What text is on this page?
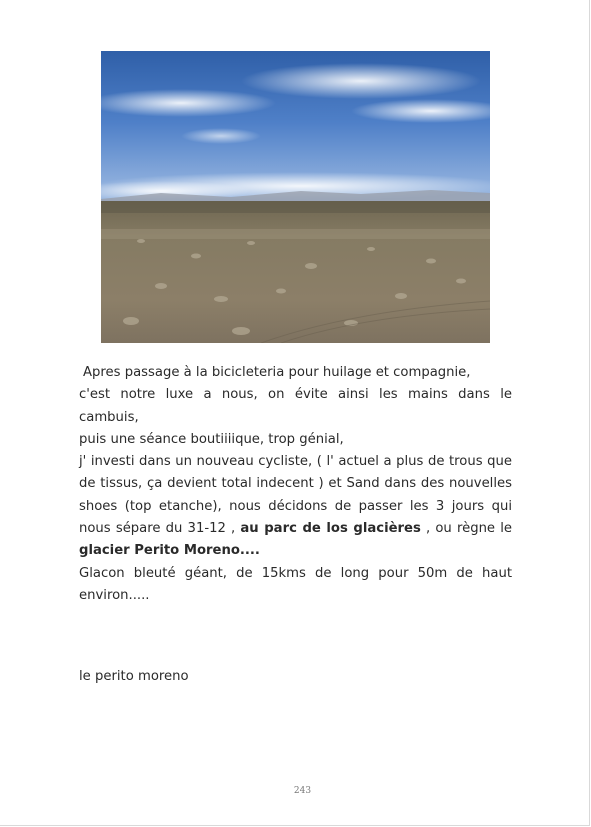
Apres passage à la bicicleteria pour huilage et compagnie,
c'est notre luxe a nous, on évite ainsi les mains dans le
cambuis,
puis une séance boutiiiique, trop génial,
j' investi dans un nouveau cycliste, ( l' actuel a plus de trous que de tissus, ça devient total indecent ) et Sand dans des nouvelles shoes (top etanche), nous décidons de passer les 3 jours qui nous sépare du 31-12 , au parc de los glacières , ou règne le glacier Perito Moreno....
Glacon bleuté géant, de 15kms de long pour 50m de haut environ.....
le perito moreno
243
